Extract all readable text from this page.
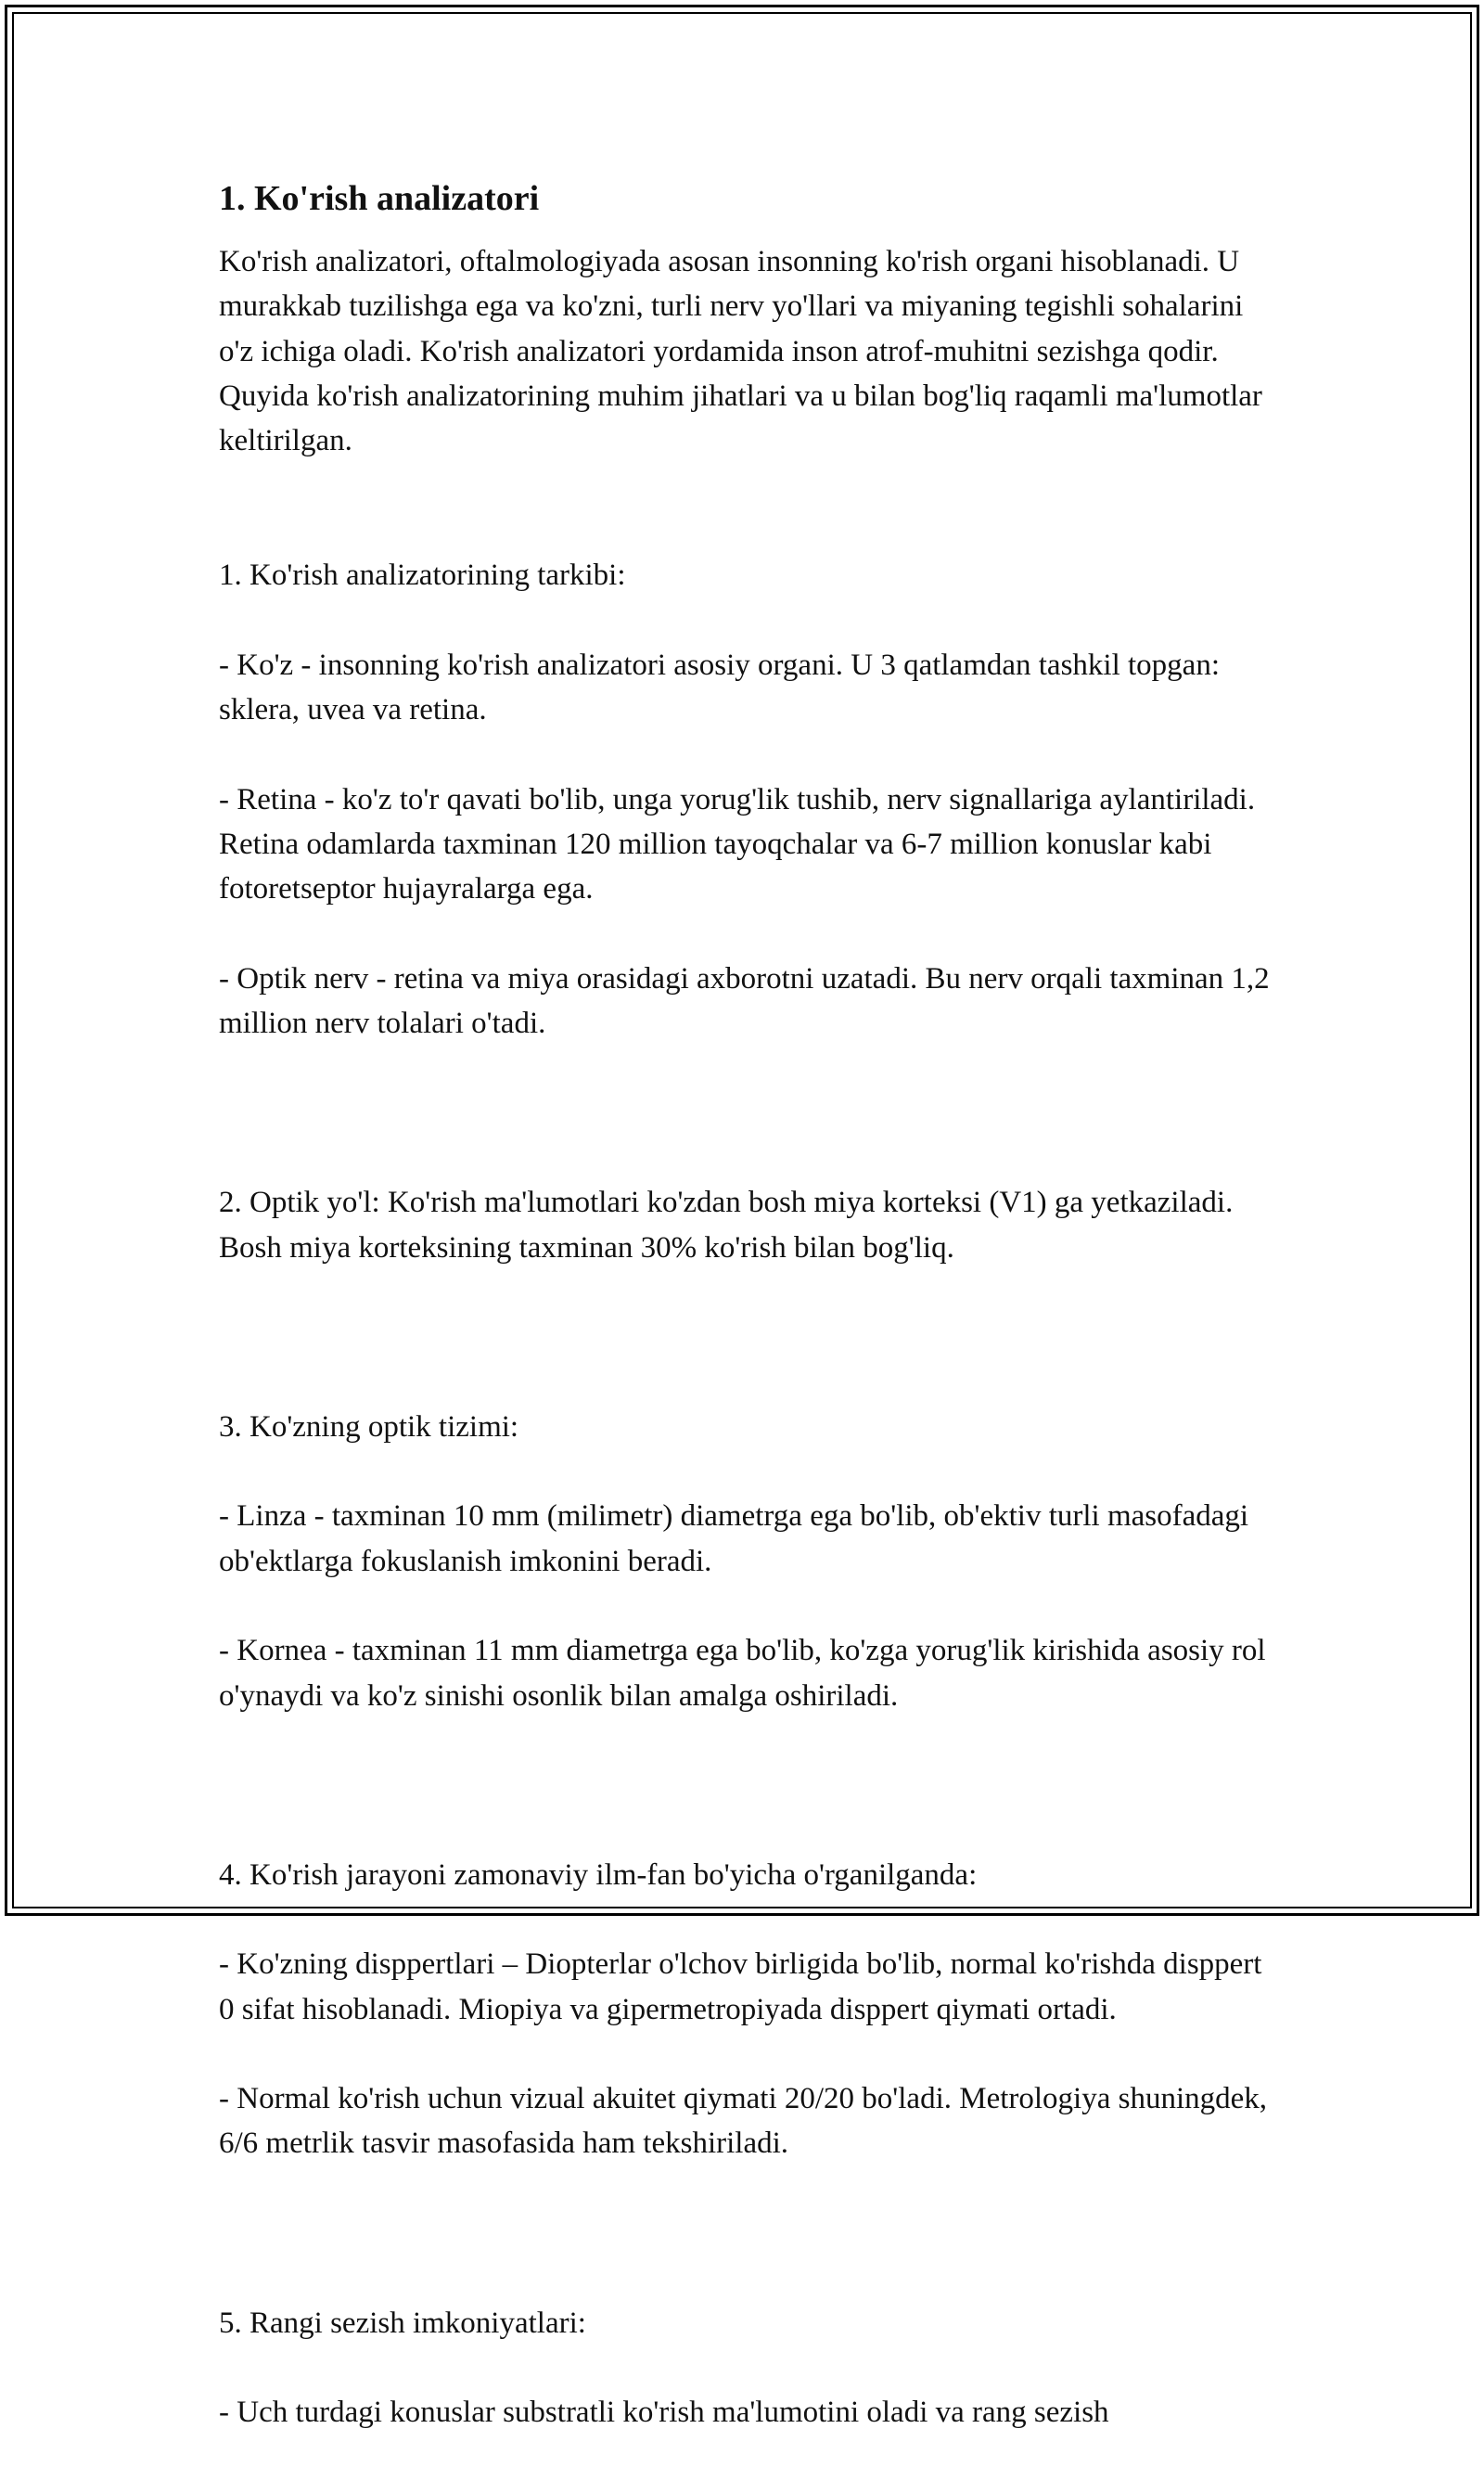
1. Ko'rish analizatori

Ko'rish analizatori, oftalmologiyada asosan insonning ko'rish organi hisoblanadi. U murakkab tuzilishga ega va ko'zni, turli nerv yo'llari va miyaning tegishli sohalarini o'z ichiga oladi. Ko'rish analizatori yordamida inson atrof-muhitni sezishga qodir. Quyida ko'rish analizatorining muhim jihatlari va u bilan bog'liq raqamli ma'lumotlar keltirilgan.

1. Ko'rish analizatorining tarkibi:

- Ko'z - insonning ko'rish analizatori asosiy organi. U 3 qatlamdan tashkil topgan: sklera, uvea va retina.

- Retina - ko'z to'r qavati bo'lib, unga yorug'lik tushib, nerv signallariga aylantiriladi. Retina odamlarda taxminan 120 million tayoqchalar va 6-7 million konuslar kabi fotoretseptor hujayralarga ega.

- Optik nerv - retina va miya orasidagi axborotni uzatadi. Bu nerv orqali taxminan 1,2 million nerv tolalari o'tadi.

2. Optik yo'l: Ko'rish ma'lumotlari ko'zdan bosh miya korteksi (V1) ga yetkaziladi. Bosh miya korteksining taxminan 30% ko'rish bilan bog'liq.

3. Ko'zning optik tizimi:

- Linza - taxminan 10 mm (milimetr) diametrga ega bo'lib, ob'ektiv turli masofadagi ob'ektlarga fokuslanish imkonini beradi.

- Kornea - taxminan 11 mm diametrga ega bo'lib, ko'zga yorug'lik kirishida asosiy rol o'ynaydi va ko'z sinishi osonlik bilan amalga oshiriladi.

4. Ko'rish jarayoni zamonaviy ilm-fan bo'yicha o'rganilganda:

- Ko'zning disppertlari – Diopterlar o'lchov birligida bo'lib, normal ko'rishda disppert 0 sifat hisoblanadi. Miopiya va gipermetropiyada disppert qiymati ortadi.

- Normal ko'rish uchun vizual akuitet qiymati 20/20 bo'ladi. Metrologiya shuningdek, 6/6 metrlik tasvir masofasida ham tekshiriladi.

5. Rangi sezish imkoniyatlari:

- Uch turdagi konuslar substratli ko'rish ma'lumotini oladi va rang sezish
